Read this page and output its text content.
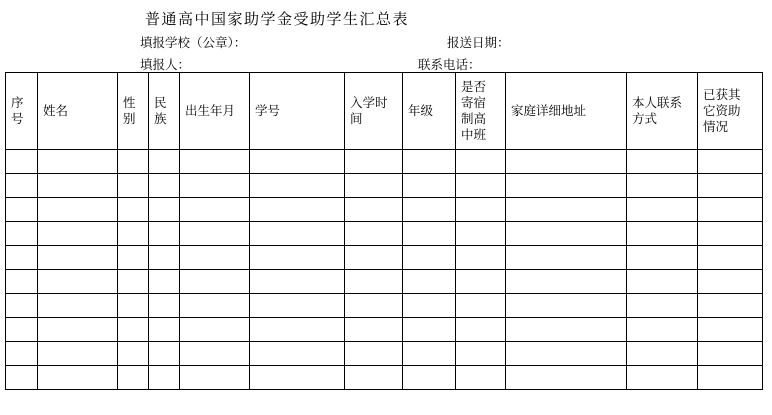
普通高中国家助学金受助学生汇总表
填报学校（公章）：	报送日期：
填报人：	联系电话：
序号	姓名	性别	民族	出生年月	学号	入学时间	年级	是否寄宿制高中班	家庭详细地址	本人联系方式	已获其它资助情况
